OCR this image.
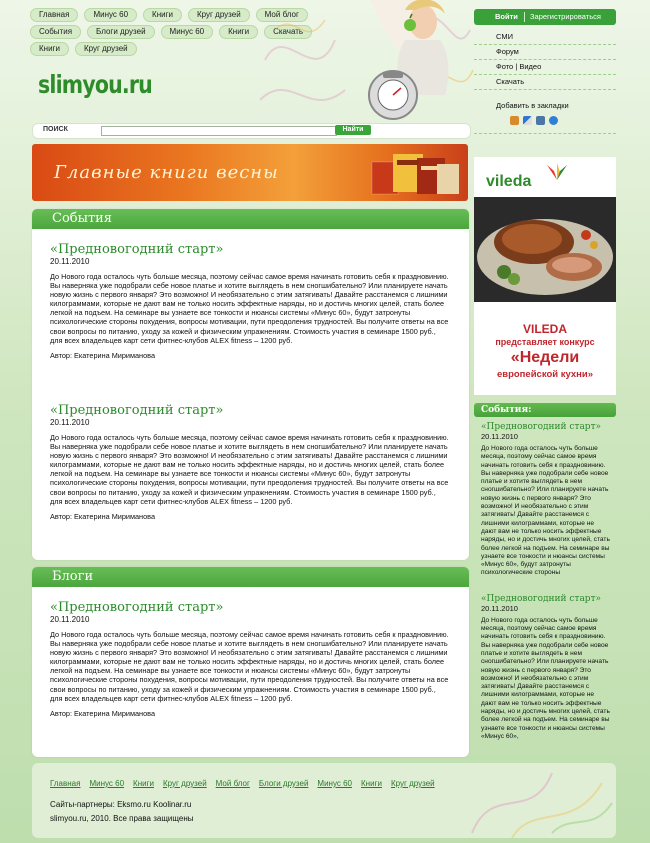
Главная	Минус 60	Книги	Круг друзей	Мой блог
События	Блоги друзей	Минус 60	Книги	Скачать
Книги	Круг друзей
slimyou.ru
ПОИСК	Найти
Главные книги весны
События
«Предновогодний старт»
20.11.2010
До Нового года осталось чуть больше месяца, поэтому сейчас самое время начинать готовить себя к праздновинию. Вы наверняка уже подобрали себе новое платье и хотите выглядеть в нем сногшибательно? Или планируете начать новую жизнь с первого января? Это возможно! И необязательно с этим затягивать! Давайте расстанемся с лишними килограммами, которые не дают вам не только носить эффектные наряды, но и достичь многих целей, стать более легкой на подъем. На семинаре вы узнаете все тонкости и нюансы системы «Минус 60», будут затронуты психологические стороны похудения, вопросы мотивации, пути преодоления трудностей. Вы получите ответы на все свои вопросы по питанию, уходу за кожей и физическим упражнениям. Стоимость участия в семинаре 1500 руб., для всех владельцев карт сети фитнес-клубов ALEX fitness – 1200 руб.
Автор: Екатерина Мириманова
«Предновогодний старт»
20.11.2010
До Нового года осталось чуть больше месяца, поэтому сейчас самое время начинать готовить себя к праздновинию. Вы наверняка уже подобрали себе новое платье и хотите выглядеть в нем сногшибательно? Или планируете начать новую жизнь с первого января? Это возможно! И необязательно с этим затягивать! Давайте расстанемся с лишними килограммами, которые не дают вам не только носить эффектные наряды, но и достичь многих целей, стать более легкой на подъем. На семинаре вы узнаете все тонкости и нюансы системы «Минус 60», будут затронуты психологические стороны похудения, вопросы мотивации, пути преодоления трудностей. Вы получите ответы на все свои вопросы по питанию, уходу за кожей и физическим упражнениям. Стоимость участия в семинаре 1500 руб., для всех владельцев карт сети фитнес-клубов ALEX fitness – 1200 руб.
Автор: Екатерина Мириманова
Блоги
«Предновогодний старт»
20.11.2010
До Нового года осталось чуть больше месяца, поэтому сейчас самое время начинать готовить себя к праздновинию. Вы наверняка уже подобрали себе новое платье и хотите выглядеть в нем сногшибательно? Или планируете начать новую жизнь с первого января? Это возможно! И необязательно с этим затягивать! Давайте расстанемся с лишними килограммами, которые не дают вам не только носить эффектные наряды, но и достичь многих целей, стать более легкой на подъем. На семинаре вы узнаете все тонкости и нюансы системы «Минус 60», будут затронуты психологические стороны похудения, вопросы мотивации, пути преодоления трудностей. Вы получите ответы на все свои вопросы по питанию, уходу за кожей и физическим упражнениям. Стоимость участия в семинаре 1500 руб., для всех владельцев карт сети фитнес-клубов ALEX fitness – 1200 руб.
Автор: Екатерина Мириманова
Войти Зарегистрироваться
СМИ
Форум
Фото | Видео
Скачать
Добавить в закладки
vileda
VILEDA
представляет конкурс
«Недели
европейской кухни»
События:
«Предновогодний старт»
20.11.2010
До Нового года осталось чуть больше месяца, поэтому сейчас самое время начинать готовить себя к праздновинию. Вы наверняка уже подобрали себе новое платье и хотите выглядеть в нем сногшибательно? Или планируете начать новую жизнь с первого января? Это возможно! И необязательно с этим затягивать! Давайте расстанемся с лишними килограммами, которые не дают вам не только носить эффектные наряды, но и достичь многих целей, стать более легкой на подъем. На семинаре вы узнаете все тонкости и нюансы системы «Минус 60», будут затронуты психологические стороны
«Предновогодний старт»
20.11.2010
До Нового года осталось чуть больше месяца, поэтому сейчас самое время начинать готовить себя к праздновинию. Вы наверняка уже подобрали себе новое платье и хотите выглядеть в нем сногшибательно? Или планируете начать новую жизнь с первого января? Это возможно! И необязательно с этим затягивать! Давайте расстанемся с лишними килограммами, которые не дают вам не только носить эффектные наряды, но и достичь многих целей, стать более легкой на подъем. На семинаре вы узнаете все тонкости и нюансы системы «Минус 60»,
Главная Минус 60 Книги Круг друзей Мой блог Блоги друзей Минус 60 Книги Круг друзей
Сайты-партнеры: Eksmo.ru Koolinar.ru
slimyou.ru, 2010. Все права защищены
